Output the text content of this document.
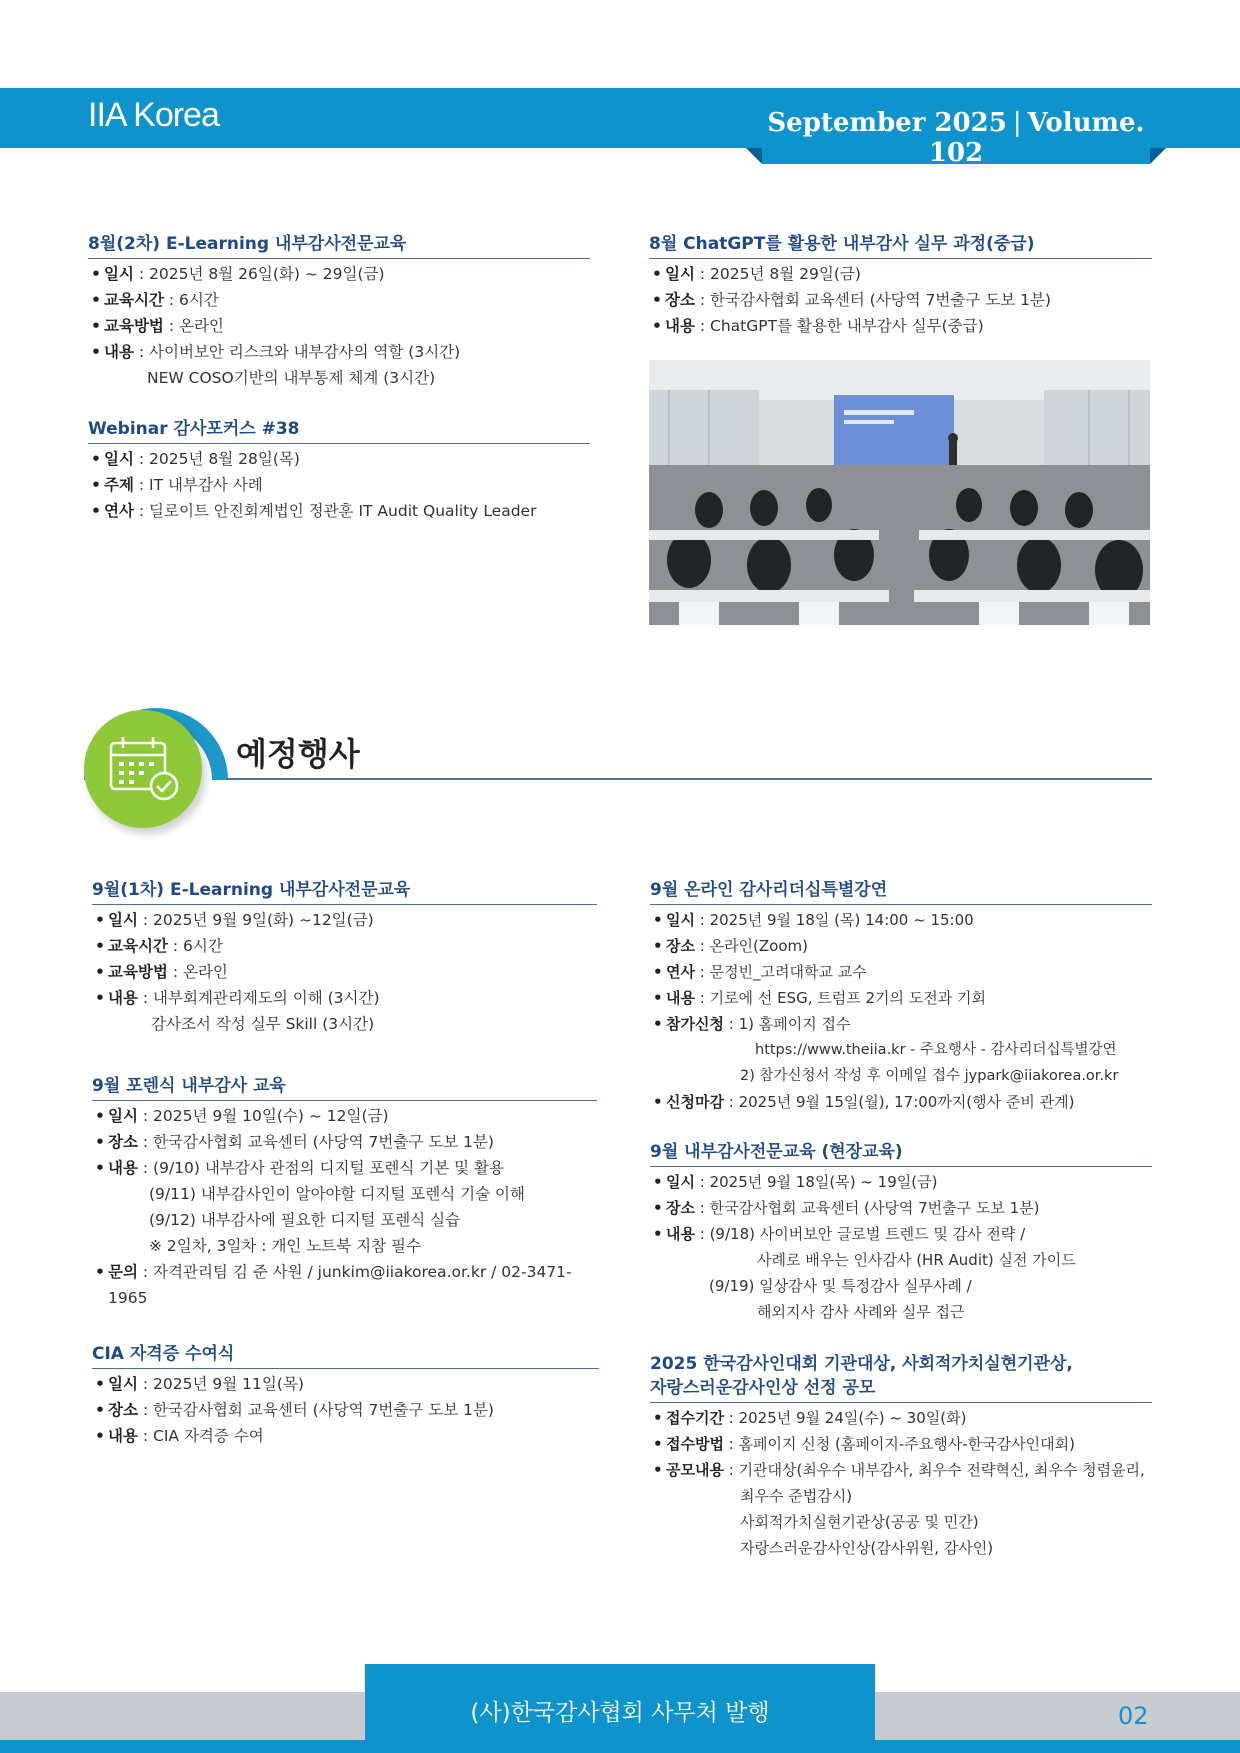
IIA Korea	September 2025 | Volume. 102
8월(2차) E-Learning 내부감사전문교육
• 일시 : 2025년 8월 26일(화) ~ 29일(금)
• 교육시간 : 6시간
• 교육방법 : 온라인
• 내용 : 사이버보안 리스크와 내부감사의 역할 (3시간)
NEW COSO기반의 내부통제 체계 (3시간)
Webinar 감사포커스 #38
• 일시 : 2025년 8월 28일(목)
• 주제 : IT 내부감사 사례
• 연사 : 딜로이트 안진회계법인 정관훈 IT Audit Quality Leader
8월 ChatGPT를 활용한 내부감사 실무 과정(중급)
• 일시 : 2025년 8월 29일(금)
• 장소 : 한국감사협회 교육센터 (사당역 7번출구 도보 1분)
• 내용 : ChatGPT를 활용한 내부감사 실무(중급)
예정행사
9월(1차) E-Learning 내부감사전문교육
• 일시 : 2025년 9월 9일(화) ~12일(금)
• 교육시간 : 6시간
• 교육방법 : 온라인
• 내용 : 내부회계관리제도의 이해 (3시간)
감사조서 작성 실무 Skill (3시간)
9월 포렌식 내부감사 교육
• 일시 : 2025년 9월 10일(수) ~ 12일(금)
• 장소 : 한국감사협회 교육센터 (사당역 7번출구 도보 1분)
• 내용 : (9/10) 내부감사 관점의 디지털 포렌식 기본 및 활용
(9/11) 내부감사인이 알아야할 디지털 포렌식 기술 이해
(9/12) 내부감사에 필요한 디지털 포렌식 실습
※ 2일차, 3일차 : 개인 노트북 지참 필수
• 문의 : 자격관리팀 김 준 사원 / junkim@iiakorea.or.kr / 02-3471-1965
CIA 자격증 수여식
• 일시 : 2025년 9월 11일(목)
• 장소 : 한국감사협회 교육센터 (사당역 7번출구 도보 1분)
• 내용 : CIA 자격증 수여
9월 온라인 감사리더십특별강연
• 일시 : 2025년 9월 18일 (목) 14:00 ~ 15:00
• 장소 : 온라인(Zoom)
• 연사 : 문정빈_고려대학교 교수
• 내용 : 기로에 선 ESG, 트럼프 2기의 도전과 기회
• 참가신청 : 1) 홈페이지 접수
https://www.theiia.kr - 주요행사 - 감사리더십특별강연
2) 참가신청서 작성 후 이메일 접수 jypark@iiakorea.or.kr
• 신청마감 : 2025년 9월 15일(월), 17:00까지(행사 준비 관계)
9월 내부감사전문교육 (현장교육)
• 일시 : 2025년 9월 18일(목) ~ 19일(금)
• 장소 : 한국감사협회 교육센터 (사당역 7번출구 도보 1분)
• 내용 : (9/18) 사이버보안 글로벌 트렌드 및 감사 전략 /
사례로 배우는 인사감사 (HR Audit) 실전 가이드
(9/19) 일상감사 및 특정감사 실무사례 /
해외지사 감사 사례와 실무 접근
2025 한국감사인대회 기관대상, 사회적가치실현기관상,
자랑스러운감사인상 선정 공모
• 접수기간 : 2025년 9월 24일(수) ~ 30일(화)
• 접수방법 : 홈페이지 신청 (홈페이지-주요행사-한국감사인대회)
• 공모내용 : 기관대상(최우수 내부감사, 최우수 전략혁신, 최우수 청렴윤리,
최우수 준법감시)
사회적가치실현기관상(공공 및 민간)
자랑스러운감사인상(감사위원, 감사인)
(사)한국감사협회 사무처 발행	02
